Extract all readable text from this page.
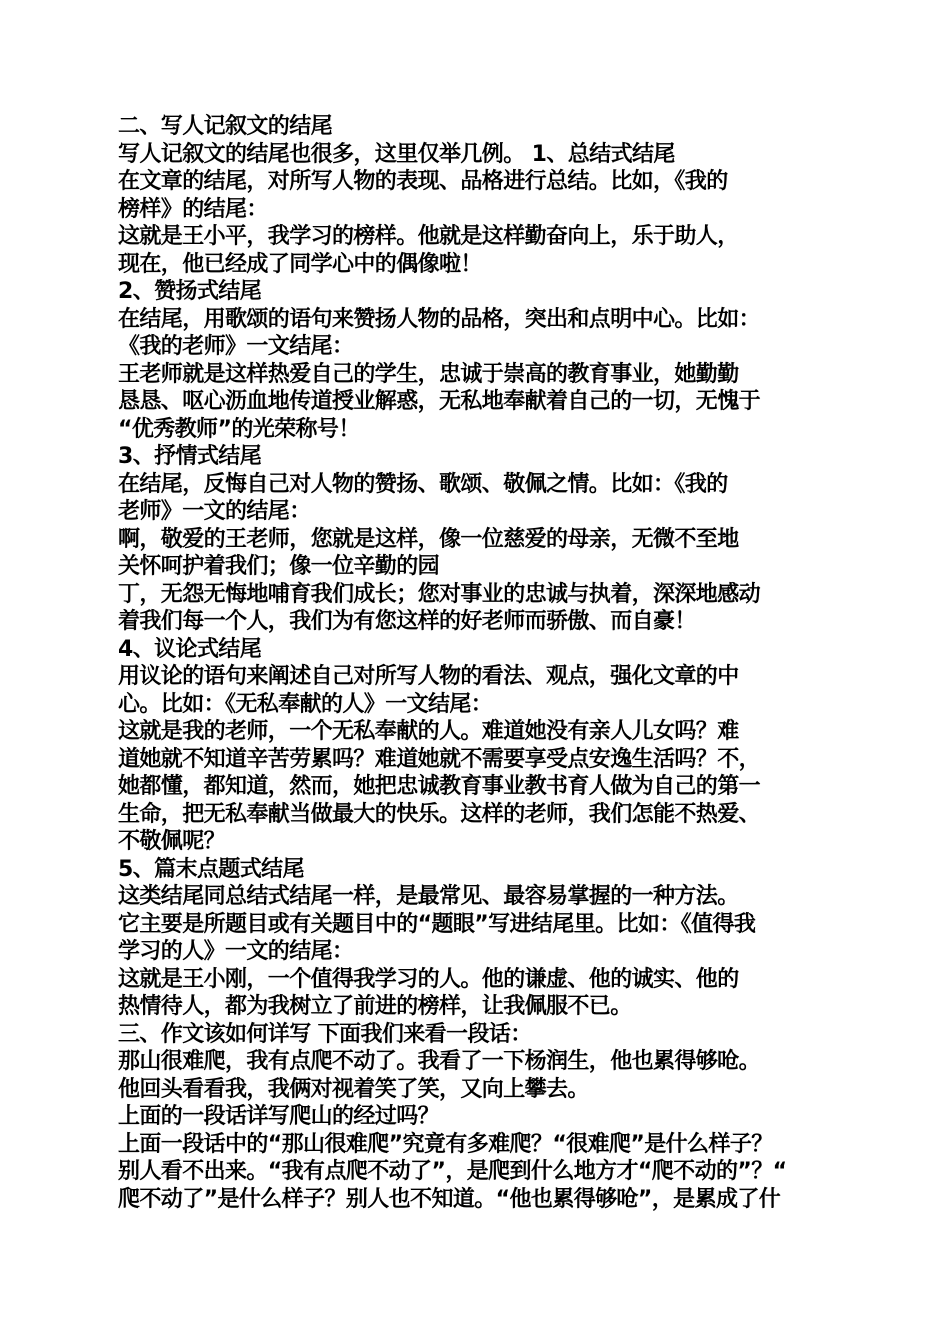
二、写人记叙文的结尾
写人记叙文的结尾也很多，这里仅举几例。 1、总结式结尾
在文章的结尾，对所写人物的表现、品格进行总结。比如，《我的
榜样》的结尾：
这就是王小平，我学习的榜样。他就是这样勤奋向上，乐于助人，
现在，他已经成了同学心中的偶像啦！
2、赞扬式结尾
在结尾，用歌颂的语句来赞扬人物的品格，突出和点明中心。比如：
《我的老师》一文结尾：
王老师就是这样热爱自己的学生，忠诚于崇高的教育事业，她勤勤
恳恳、呕心沥血地传道授业解惑，无私地奉献着自己的一切，无愧于
“优秀教师”的光荣称号！
3、抒情式结尾
在结尾，反悔自己对人物的赞扬、歌颂、敬佩之情。比如：《我的
老师》一文的结尾：
啊，敬爱的王老师，您就是这样，像一位慈爱的母亲，无微不至地
关怀呵护着我们；像一位辛勤的园
丁，无怨无悔地哺育我们成长；您对事业的忠诚与执着，深深地感动
着我们每一个人，我们为有您这样的好老师而骄傲、而自豪！
4、议论式结尾
用议论的语句来阐述自己对所写人物的看法、观点，强化文章的中
心。比如：《无私奉献的人》一文结尾：
这就是我的老师，一个无私奉献的人。难道她没有亲人儿女吗？难
道她就不知道辛苦劳累吗？难道她就不需要享受点安逸生活吗？不，
她都懂，都知道，然而，她把忠诚教育事业教书育人做为自己的第一
生命，把无私奉献当做最大的快乐。这样的老师，我们怎能不热爱、
不敬佩呢？
5、篇末点题式结尾
这类结尾同总结式结尾一样，是最常见、最容易掌握的一种方法。
它主要是所题目或有关题目中的“题眼”写进结尾里。比如：《值得我
学习的人》一文的结尾：
这就是王小刚，一个值得我学习的人。他的谦虚、他的诚实、他的
热情待人，都为我树立了前进的榜样，让我佩服不已。
三、作文该如何详写 下面我们来看一段话：
那山很难爬，我有点爬不动了。我看了一下杨润生，他也累得够呛。
他回头看看我，我俩对视着笑了笑，又向上攀去。
上面的一段话详写爬山的经过吗？
上面一段话中的“那山很难爬”究竟有多难爬？“很难爬”是什么样子？
别人看不出来。“我有点爬不动了”，是爬到什么地方才“爬不动的”？“
爬不动了”是什么样子？别人也不知道。“他也累得够呛”，是累成了什
